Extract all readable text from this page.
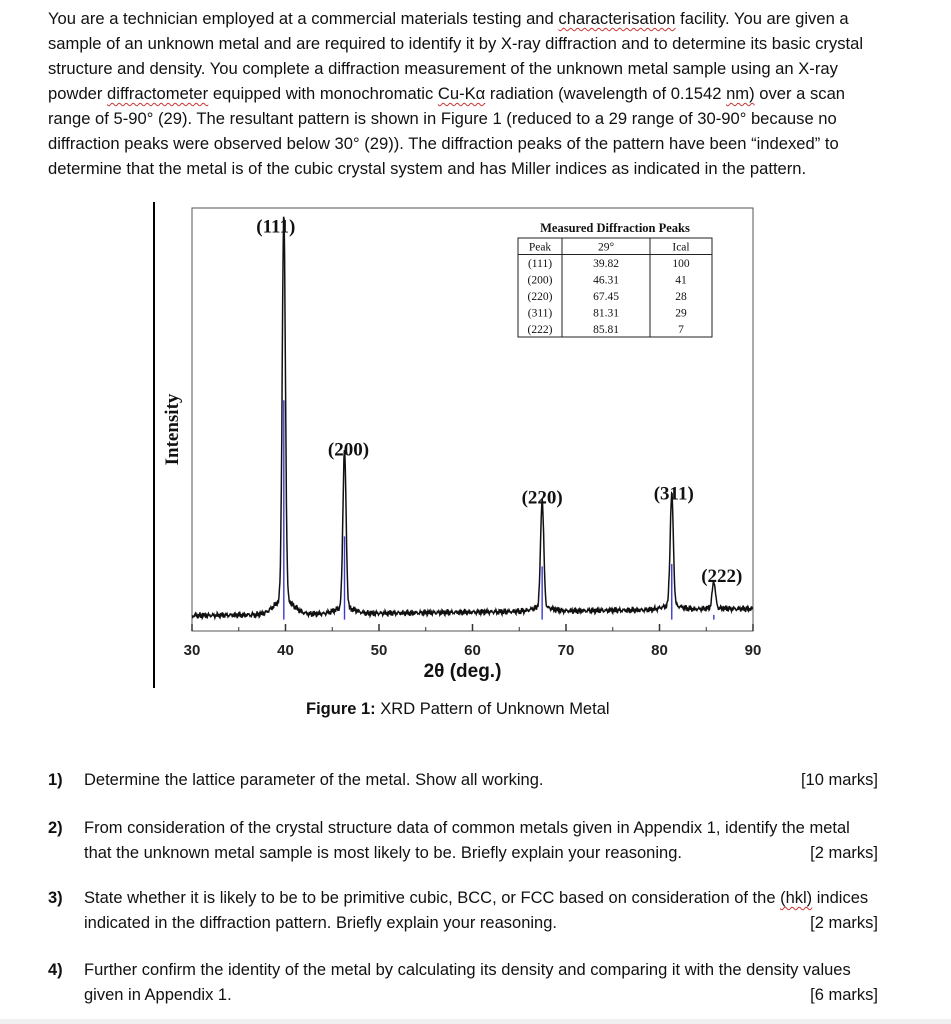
You are a technician employed at a commercial materials testing and characterisation facility. You are given a sample of an unknown metal and are required to identify it by X-ray diffraction and to determine its basic crystal structure and density. You complete a diffraction measurement of the unknown metal sample using an X-ray powder diffractometer equipped with monochromatic Cu-Kα radiation (wavelength of 0.1542 nm) over a scan range of 5-90° (29). The resultant pattern is shown in Figure 1 (reduced to a 29 range of 30-90° because no diffraction peaks were observed below 30° (29)). The diffraction peaks of the pattern have been “indexed” to determine that the metal is of the cubic crystal system and has Miller indices as indicated in the pattern.

30	40	50	60	70	80	90
2θ (deg.)
Intensity
(111)
(200)
(220)	(311)
(222)
Measured Diffraction Peaks
Peak	29°	Ical
(111)	39.82	100
(200)	46.31	41
(220)	67.45	28
(311)	81.31	29
(222)	85.81	7
Figure 1: XRD Pattern of Unknown Metal
1) Determine the lattice parameter of the metal. Show all working.	[10 marks]
2) From consideration of the crystal structure data of common metals given in Appendix 1, identify the metal that the unknown metal sample is most likely to be. Briefly explain your reasoning.	[2 marks]
3) State whether it is likely to be to be primitive cubic, BCC, or FCC based on consideration of the (hkl) indices indicated in the diffraction pattern. Briefly explain your reasoning.	[2 marks]
4) Further confirm the identity of the metal by calculating its density and comparing it with the density values given in Appendix 1.	[6 marks]
